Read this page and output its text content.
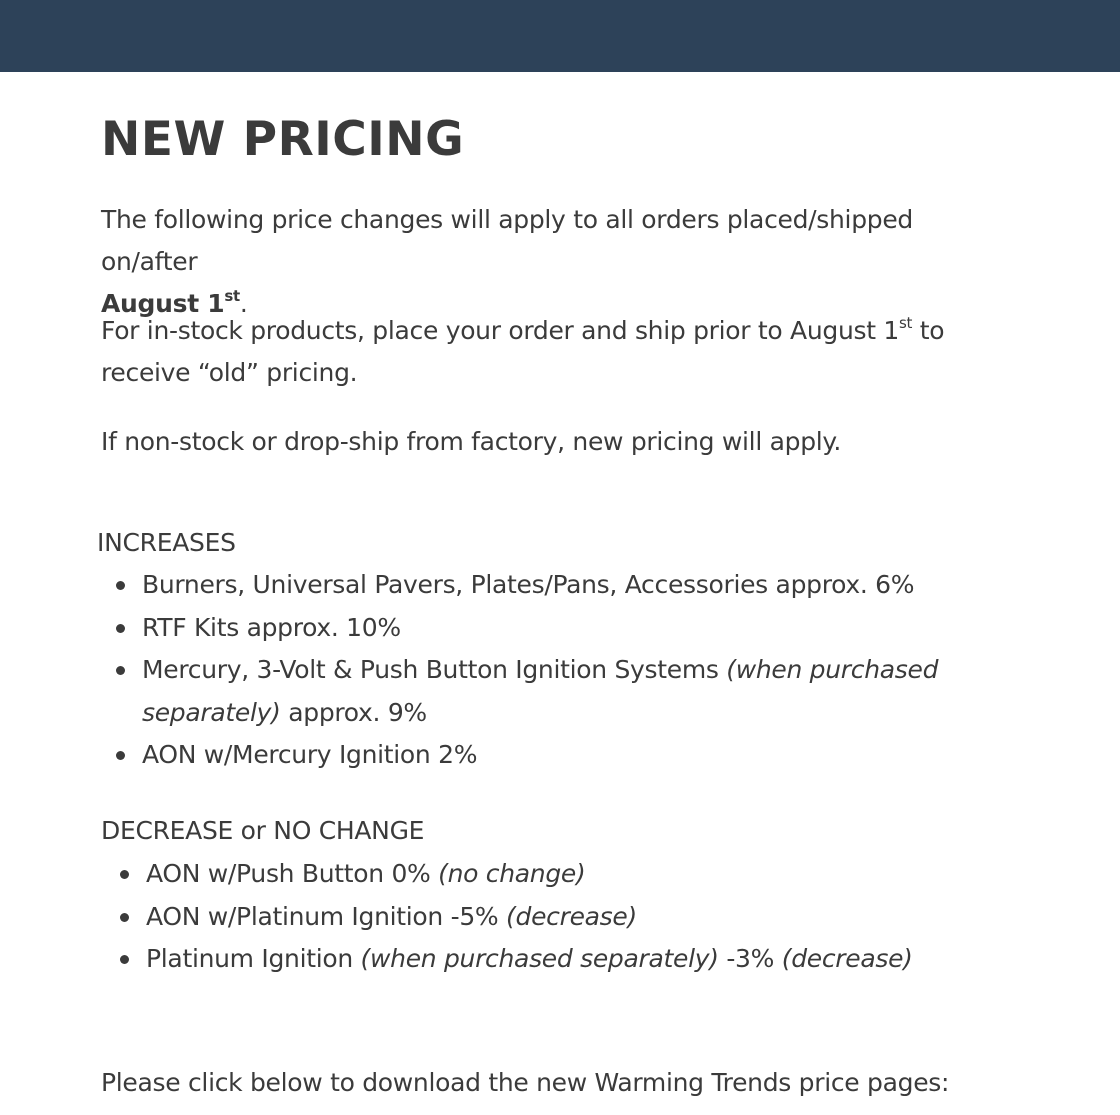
NEW PRICING

The following price changes will apply to all orders placed/shipped on/after
August 1st.

For in-stock products, place your order and ship prior to August 1st to receive “old” pricing.

If non-stock or drop-ship from factory, new pricing will apply.

INCREASES
Burners, Universal Pavers, Plates/Pans, Accessories approx. 6%
RTF Kits approx. 10%
Mercury, 3-Volt & Push Button Ignition Systems (when purchased separately) approx. 9%
AON w/Mercury Ignition 2%
DECREASE or NO CHANGE
AON w/Push Button 0% (no change)
AON w/Platinum Ignition -5% (decrease)
Platinum Ignition (when purchased separately) -3% (decrease)

Please click below to download the new Warming Trends price pages:
